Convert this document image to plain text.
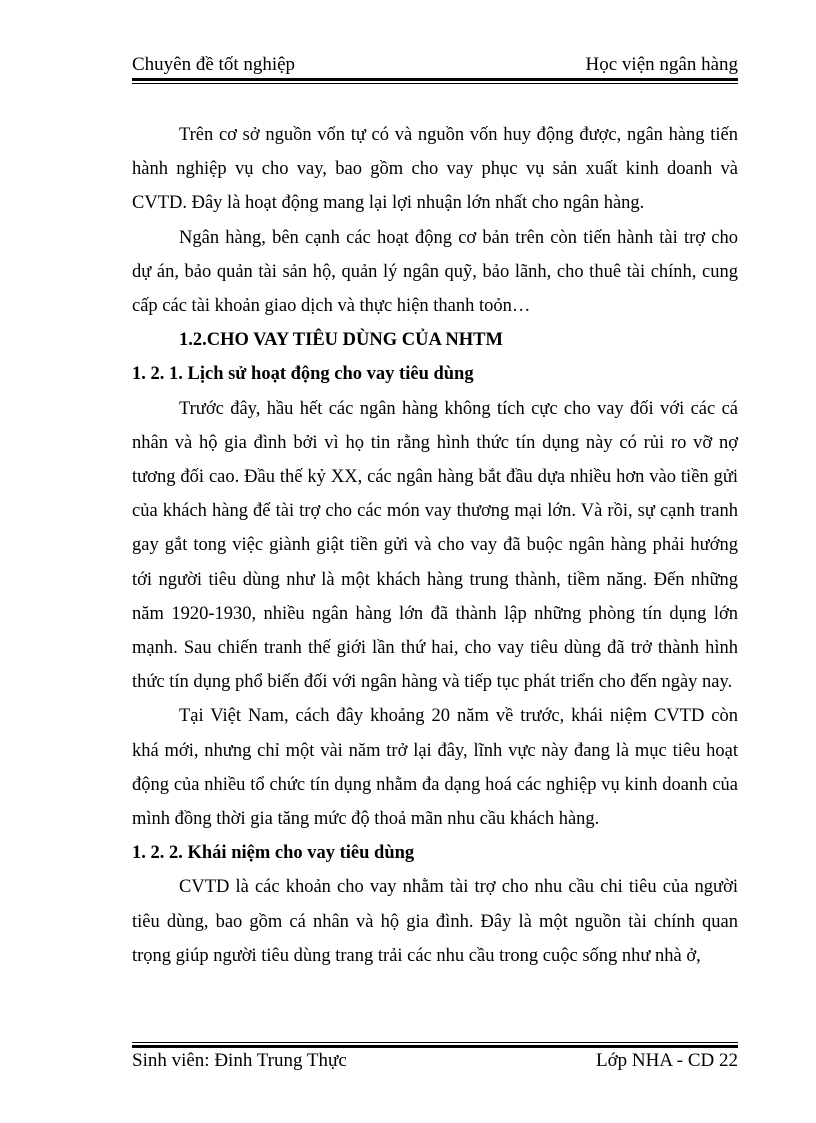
Chuyên đề tốt nghiệp	Học viện ngân hàng

Trên cơ sở nguồn vốn tự có và nguồn vốn huy động được, ngân hàng tiến hành nghiệp vụ cho vay, bao gồm cho vay phục vụ sản xuất kinh doanh và CVTD. Đây là hoạt động mang lại lợi nhuận lớn nhất cho ngân hàng.

Ngân hàng, bên cạnh các hoạt động cơ bản trên còn tiến hành tài trợ cho dự án, bảo quản tài sản hộ, quản lý ngân quỹ, bảo lãnh, cho thuê tài chính, cung cấp các tài khoản giao dịch và thực hiện thanh toỏn…

1.2.CHO VAY TIÊU DÙNG CỦA NHTM
1. 2. 1. Lịch sử hoạt động cho vay tiêu dùng

Trước đây, hầu hết các ngân hàng không tích cực cho vay đối với các cá nhân và hộ gia đình bởi vì họ tin rằng hình thức tín dụng này có rủi ro vỡ nợ tương đối cao. Đầu thế kỷ XX, các ngân hàng bắt đầu dựa nhiều hơn vào tiền gửi của khách hàng để tài trợ cho các món vay thương mại lớn. Và rồi, sự cạnh tranh gay gắt tong việc giành giật tiền gửi và cho vay đã buộc ngân hàng phải hướng tới người tiêu dùng như là một khách hàng trung thành, tiềm năng. Đến những năm 1920-1930, nhiều ngân hàng lớn đã thành lập những phòng tín dụng lớn mạnh. Sau chiến tranh thế giới lần thứ hai, cho vay tiêu dùng đã trở thành hình thức tín dụng phổ biến đối với ngân hàng và tiếp tục phát triển cho đến ngày nay.

Tại Việt Nam, cách đây khoảng 20 năm về trước, khái niệm CVTD còn khá mới, nhưng chỉ một vài năm trở lại đây, lĩnh vực này đang là mục tiêu hoạt động của nhiều tổ chức tín dụng nhằm đa dạng hoá các nghiệp vụ kinh doanh của mình đồng thời gia tăng mức độ thoả mãn nhu cầu khách hàng.

1. 2. 2. Khái niệm cho vay tiêu dùng

CVTD là các khoản cho vay nhằm tài trợ cho nhu cầu chi tiêu của người tiêu dùng, bao gồm cá nhân và hộ gia đình. Đây là một nguồn tài chính quan trọng giúp người tiêu dùng trang trải các nhu cầu trong cuộc sống như nhà ở,

Sinh viên: Đinh Trung Thực	Lớp NHA - CD 22
